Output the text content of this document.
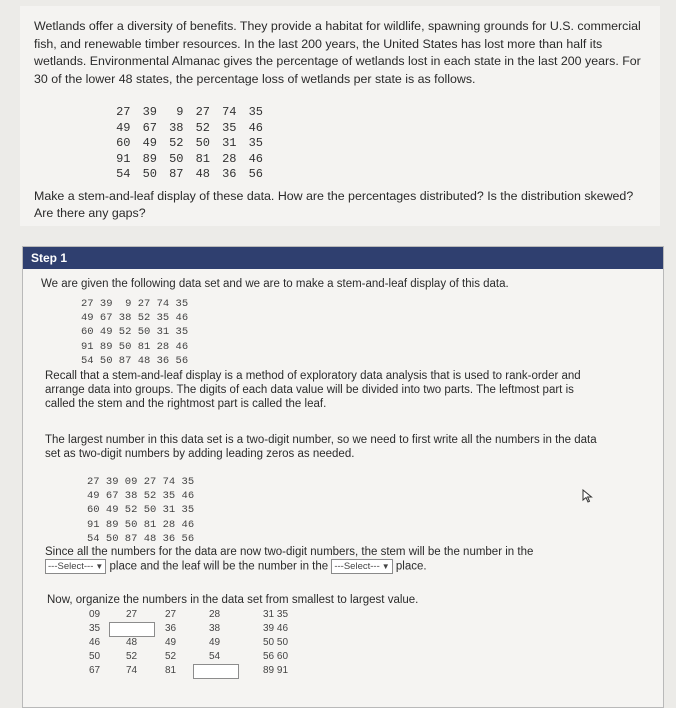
Wetlands offer a diversity of benefits. They provide a habitat for wildlife, spawning grounds for U.S. commercial fish, and renewable timber resources. In the last 200 years, the United States has lost more than half its wetlands. Environmental Almanac gives the percentage of wetlands lost in each state in the last 200 years. For 30 of the lower 48 states, the percentage loss of wetlands per state is as follows.

27 39 9 27 74 35
49 67 38 52 35 46
60 49 52 50 31 35
91 89 50 81 28 46
54 50 87 48 36 56

Make a stem-and-leaf display of these data. How are the percentages distributed? Is the distribution skewed? Are there any gaps?

Step 1

We are given the following data set and we are to make a stem-and-leaf display of this data.

27 39  9 27 74 35
49 67 38 52 35 46
60 49 52 50 31 35
91 89 50 81 28 46
54 50 87 48 36 56

Recall that a stem-and-leaf display is a method of exploratory data analysis that is used to rank-order and arrange data into groups. The digits of each data value will be divided into two parts. The leftmost part is called the stem and the rightmost part is called the leaf.

The largest number in this data set is a two-digit number, so we need to first write all the numbers in the data set as two-digit numbers by adding leading zeros as needed.

27 39 09 27 74 35
49 67 38 52 35 46
60 49 52 50 31 35
91 89 50 81 28 46
54 50 87 48 36 56

Since all the numbers for the data are now two-digit numbers, the stem will be the number in the
---Select--- ▼ place and the leaf will be the number in the ---Select--- ▼ place.

Now, organize the numbers in the data set from smallest to largest value.

09
35
46
50
67
27
48
52
74
27
36
49
52
81
28
38
49
54
31 35
39 46
50 50
56 60
89 91
